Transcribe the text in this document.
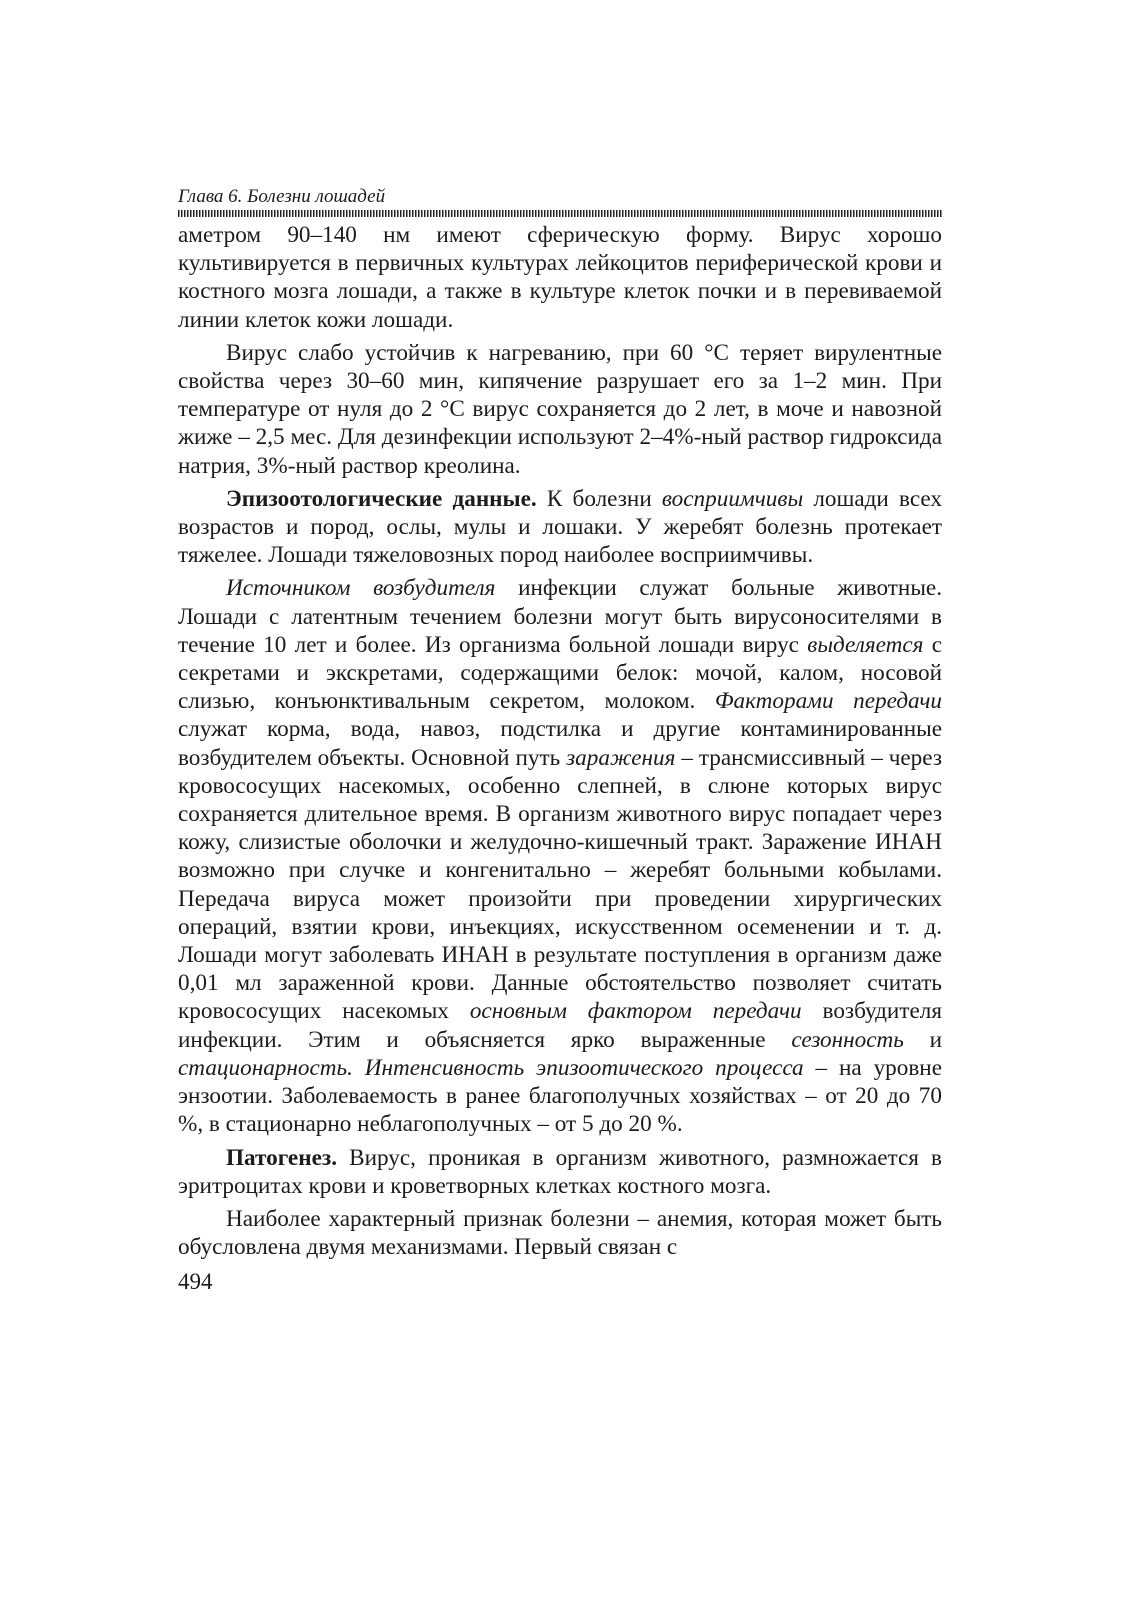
Глава 6. Болезни лошадей

аметром 90–140 нм имеют сферическую форму. Вирус хорошо культивируется в первичных культурах лейкоцитов периферической крови и костного мозга лошади, а также в культуре клеток почки и в перевиваемой линии клеток кожи лошади.

Вирус слабо устойчив к нагреванию, при 60 °С теряет вирулентные свойства через 30–60 мин, кипячение разрушает его за 1–2 мин. При температуре от нуля до 2 °С вирус сохраняется до 2 лет, в моче и навозной жиже – 2,5 мес. Для дезинфекции используют 2–4%-ный раствор гидроксида натрия, 3%-ный раствор креолина.

Эпизоотологические данные. К болезни восприимчивы лошади всех возрастов и пород, ослы, мулы и лошаки. У жеребят болезнь протекает тяжелее. Лошади тяжеловозных пород наиболее восприимчивы.

Источником возбудителя инфекции служат больные животные. Лошади с латентным течением болезни могут быть вирусоносителями в течение 10 лет и более. Из организма больной лошади вирус выделяется с секретами и экскретами, содержащими белок: мочой, калом, носовой слизью, конъюнктивальным секретом, молоком. Факторами передачи служат корма, вода, навоз, подстилка и другие контаминированные возбудителем объекты. Основной путь заражения – трансмиссивный – через кровососущих насекомых, особенно слепней, в слюне которых вирус сохраняется длительное время. В организм животного вирус попадает через кожу, слизистые оболочки и желудочно-кишечный тракт. Заражение ИНАН возможно при случке и конгенитально – жеребят больными кобылами. Передача вируса может произойти при проведении хирургических операций, взятии крови, инъекциях, искусственном осеменении и т. д. Лошади могут заболевать ИНАН в результате поступления в организм даже 0,01 мл зараженной крови. Данные обстоятельство позволяет считать кровососущих насекомых основным фактором передачи возбудителя инфекции. Этим и объясняется ярко выраженные сезонность и стационарность. Интенсивность эпизоотического процесса – на уровне энзоотии. Заболеваемость в ранее благополучных хозяйствах – от 20 до 70 %, в стационарно неблагополучных – от 5 до 20 %.

Патогенез. Вирус, проникая в организм животного, размножается в эритроцитах крови и кроветворных клетках костного мозга.

Наиболее характерный признак болезни – анемия, которая может быть обусловлена двумя механизмами. Первый связан с

494
